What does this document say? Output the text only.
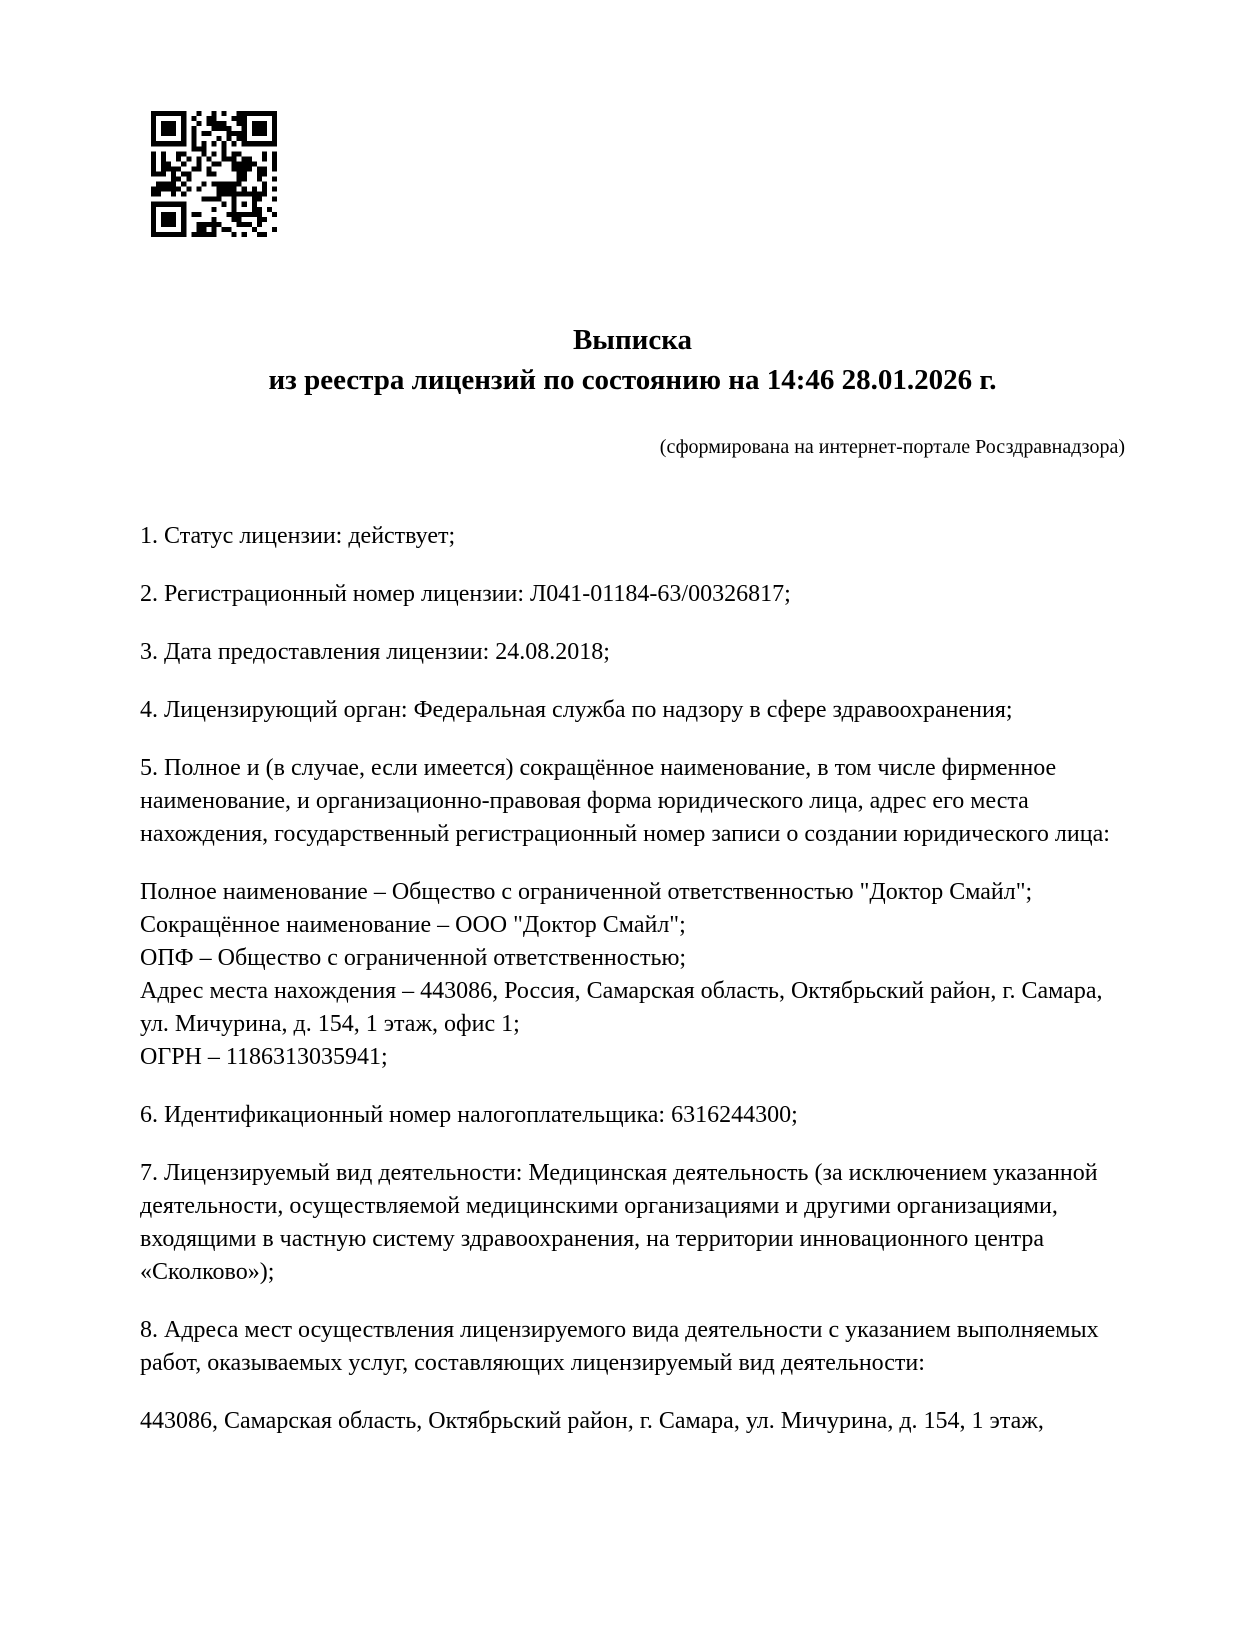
Выписка
из реестра лицензий по состоянию на 14:46 28.01.2026 г.
(сформирована на интернет-портале Росздравнадзора)
1. Статус лицензии: действует;
2. Регистрационный номер лицензии: Л041-01184-63/00326817;
3. Дата предоставления лицензии: 24.08.2018;
4. Лицензирующий орган: Федеральная служба по надзору в сфере здравоохранения;
5. Полное и (в случае, если имеется) сокращённое наименование, в том числе фирменное
наименование, и организационно-правовая форма юридического лица, адрес его места
нахождения, государственный регистрационный номер записи о создании юридического лица:
Полное наименование – Общество с ограниченной ответственностью "Доктор Смайл";
Сокращённое наименование – ООО "Доктор Смайл";
ОПФ – Общество с ограниченной ответственностью;
Адрес места нахождения – 443086, Россия, Самарская область, Октябрьский район, г. Самара,
ул. Мичурина, д. 154, 1 этаж, офис 1;
ОГРН – 1186313035941;
6. Идентификационный номер налогоплательщика: 6316244300;
7. Лицензируемый вид деятельности: Медицинская деятельность (за исключением указанной
деятельности, осуществляемой медицинскими организациями и другими организациями,
входящими в частную систему здравоохранения, на территории инновационного центра
«Сколково»);
8. Адреса мест осуществления лицензируемого вида деятельности с указанием выполняемых
работ, оказываемых услуг, составляющих лицензируемый вид деятельности:
443086, Самарская область, Октябрьский район, г. Самара, ул. Мичурина, д. 154, 1 этаж,
